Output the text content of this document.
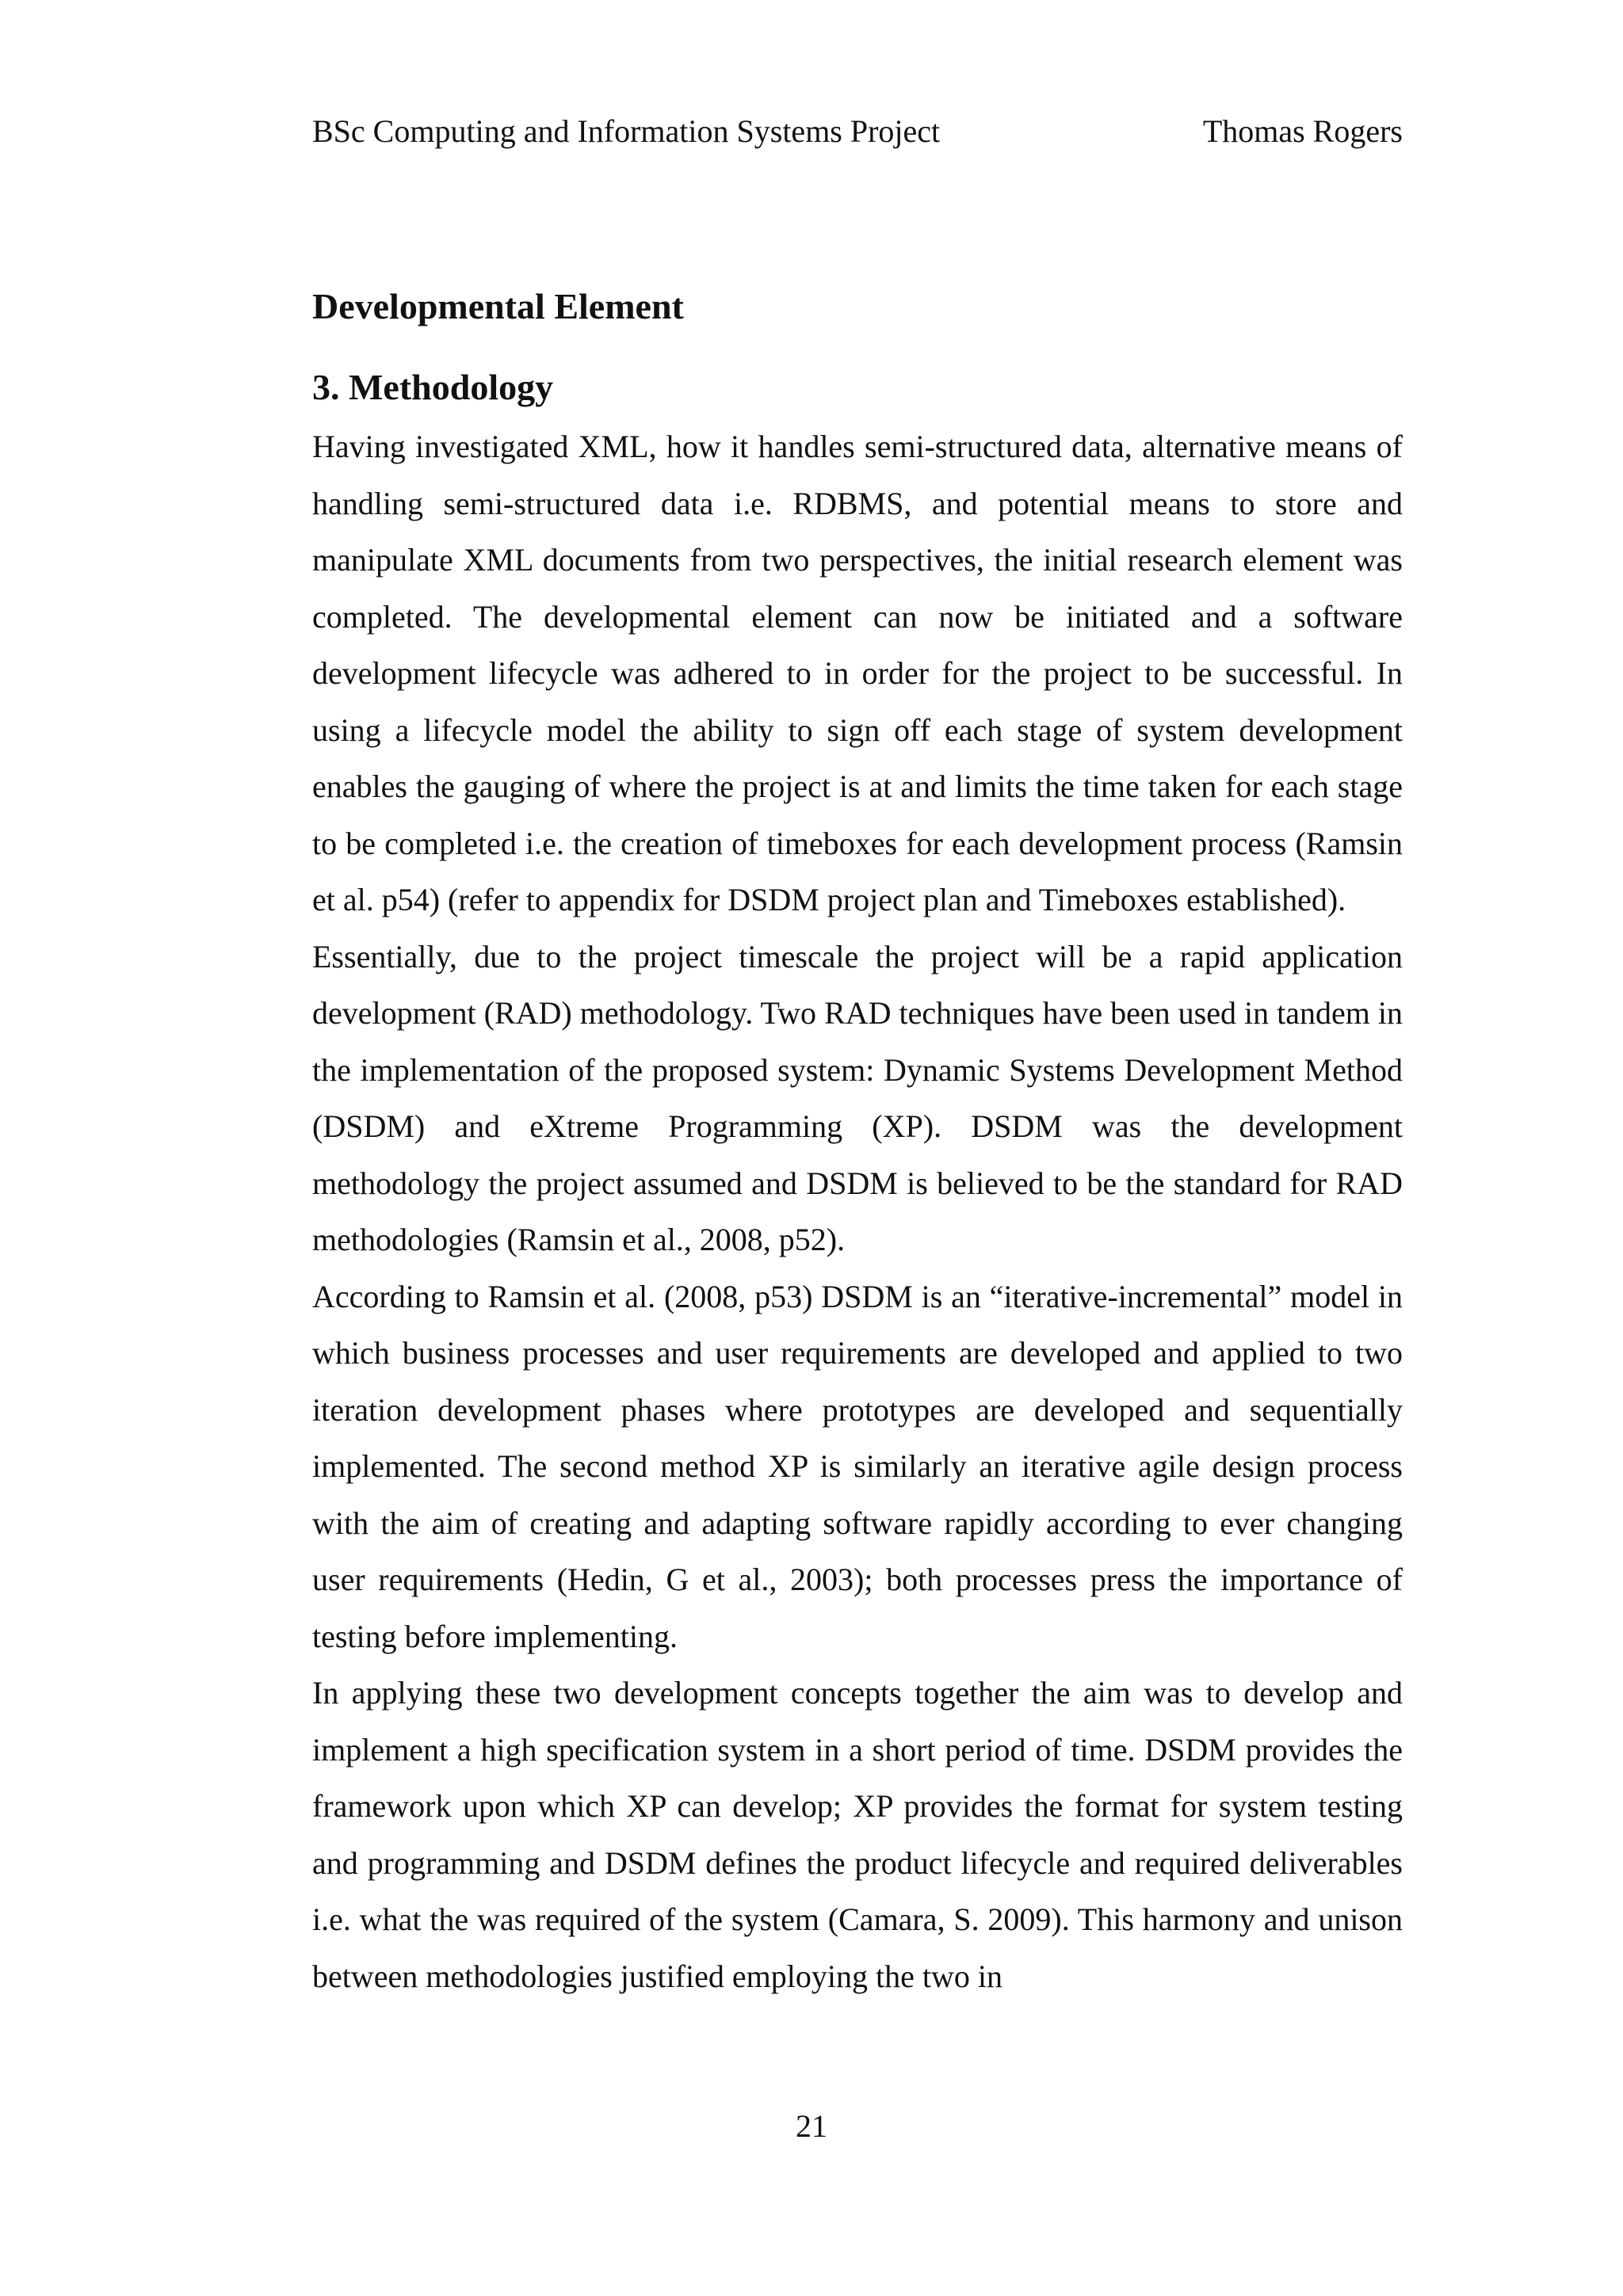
BSc Computing and Information Systems Project	Thomas Rogers
Developmental Element
3. Methodology

Having investigated XML, how it handles semi-structured data, alternative means of handling semi-structured data i.e. RDBMS, and potential means to store and manipulate XML documents from two perspectives, the initial research element was completed. The developmental element can now be initiated and a software development lifecycle was adhered to in order for the project to be successful. In using a lifecycle model the ability to sign off each stage of system development enables the gauging of where the project is at and limits the time taken for each stage to be completed i.e. the creation of timeboxes for each development process (Ramsin et al. p54) (refer to appendix for DSDM project plan and Timeboxes established).

Essentially, due to the project timescale the project will be a rapid application development (RAD) methodology. Two RAD techniques have been used in tandem in the implementation of the proposed system: Dynamic Systems Development Method (DSDM) and eXtreme Programming (XP). DSDM was the development methodology the project assumed and DSDM is believed to be the standard for RAD methodologies (Ramsin et al., 2008, p52).

According to Ramsin et al. (2008, p53) DSDM is an “iterative-incremental” model in which business processes and user requirements are developed and applied to two iteration development phases where prototypes are developed and sequentially implemented. The second method XP is similarly an iterative agile design process with the aim of creating and adapting software rapidly according to ever changing user requirements (Hedin, G et al., 2003); both processes press the importance of testing before implementing.

In applying these two development concepts together the aim was to develop and implement a high specification system in a short period of time. DSDM provides the framework upon which XP can develop; XP provides the format for system testing and programming and DSDM defines the product lifecycle and required deliverables i.e. what the was required of the system (Camara, S. 2009). This harmony and unison between methodologies justified employing the two in

21
